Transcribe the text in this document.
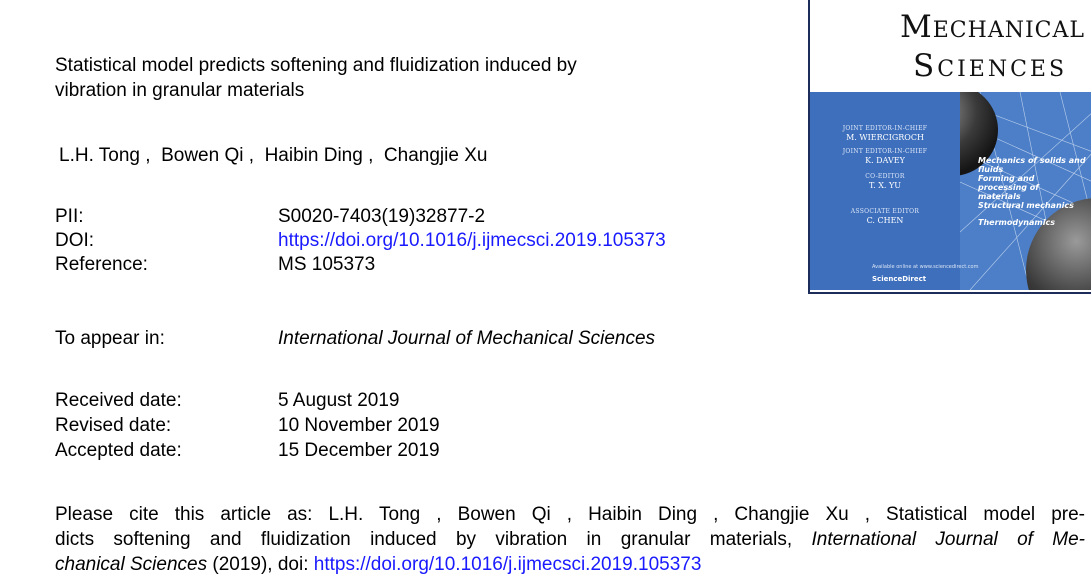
Statistical model predicts softening and fluidization induced by
vibration in granular materials
L.H. Tong ,  Bowen Qi ,  Haibin Ding ,  Changjie Xu
PII:	S0020-7403(19)32877-2
DOI:	https://doi.org/10.1016/j.ijmecsci.2019.105373
Reference:	MS 105373
To appear in:	International Journal of Mechanical Sciences
Received date:	5 August 2019
Revised date:	10 November 2019
Accepted date:	15 December 2019
Please cite this article as: L.H. Tong , Bowen Qi , Haibin Ding , Changjie Xu , Statistical model pre-
dicts softening and fluidization induced by vibration in granular materials, International Journal of Me-
chanical Sciences (2019), doi: https://doi.org/10.1016/j.ijmecsci.2019.105373
Mechanical
Sciences
JOINT EDITOR-IN-CHIEF
M. WIERCIGROCH
JOINT EDITOR-IN-CHIEF
K. DAVEY
CO-EDITOR
T. X. YU
ASSOCIATE EDITOR
C. CHEN
Mechanics of solids and fluids
Forming and processing of materials
Structural mechanics
Thermodynamics
Available online at www.sciencedirect.com
ScienceDirect
